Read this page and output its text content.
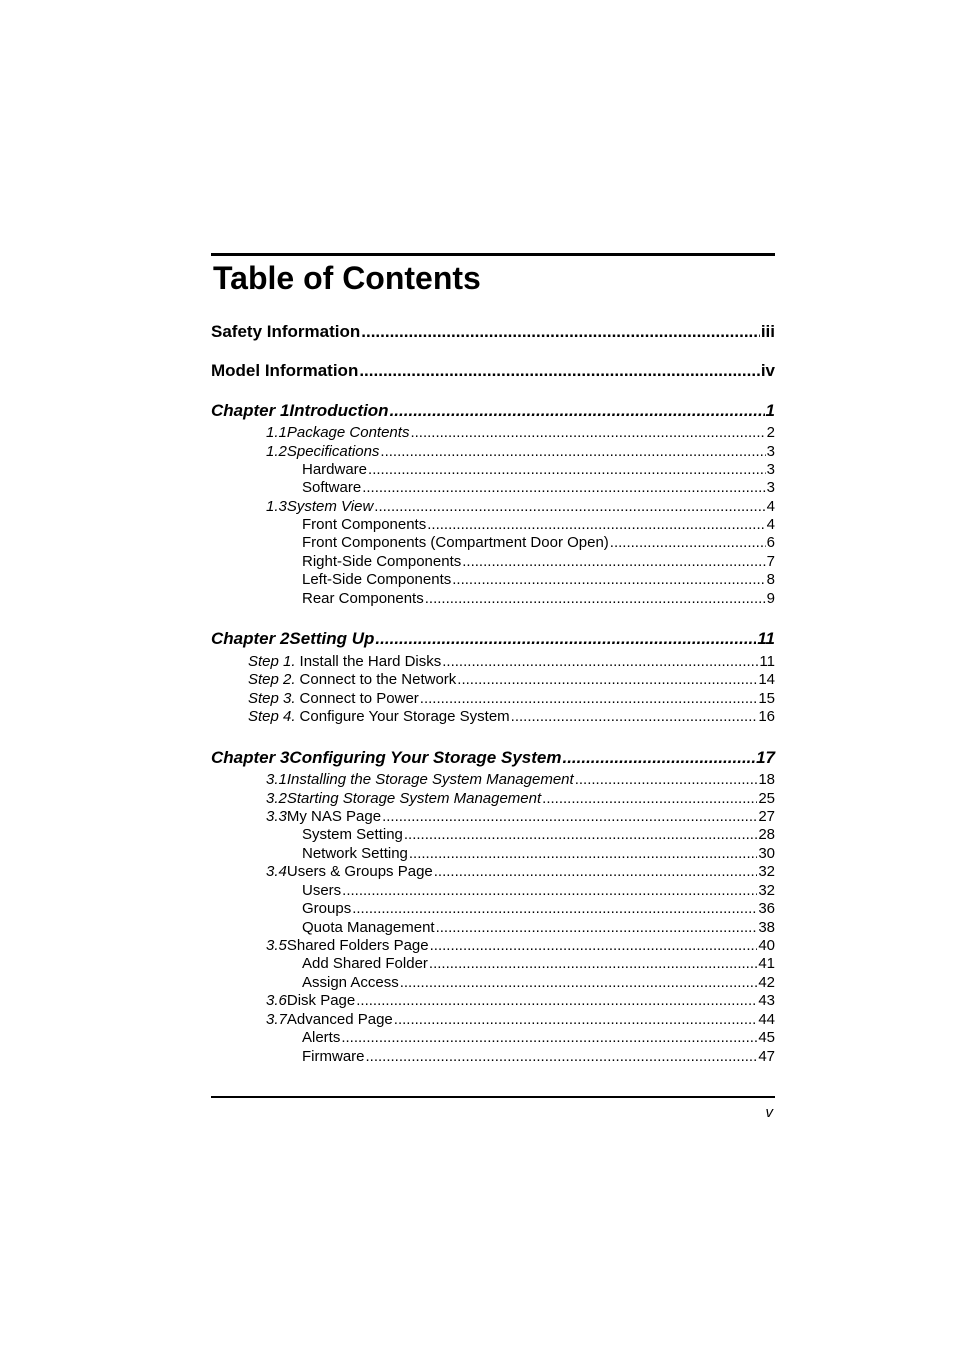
Table of Contents
Safety Information .....	iii
Model Information .....	iv
Chapter 1 Introduction .....	1
1.1 Package Contents .....	2
1.2 Specifications .....	3
Hardware .....	3
Software .....	3
1.3 System View .....	4
Front Components .....	4
Front Components (Compartment Door Open) .....	6
Right-Side Components .....	7
Left-Side Components .....	8
Rear Components .....	9
Chapter 2 Setting Up .....	11
Step 1. Install the Hard Disks .....	11
Step 2. Connect to the Network .....	14
Step 3. Connect to Power .....	15
Step 4. Configure Your Storage System .....	16
Chapter 3 Configuring Your Storage System .....	17
3.1 Installing the Storage System Management .....	18
3.2 Starting Storage System Management .....	25
3.3 My NAS Page .....	27
System Setting .....	28
Network Setting .....	30
3.4 Users & Groups Page .....	32
Users .....	32
Groups .....	36
Quota Management .....	38
3.5 Shared Folders Page .....	40
Add Shared Folder .....	41
Assign Access .....	42
3.6 Disk Page .....	43
3.7 Advanced Page .....	44
Alerts .....	45
Firmware .....	47
v
